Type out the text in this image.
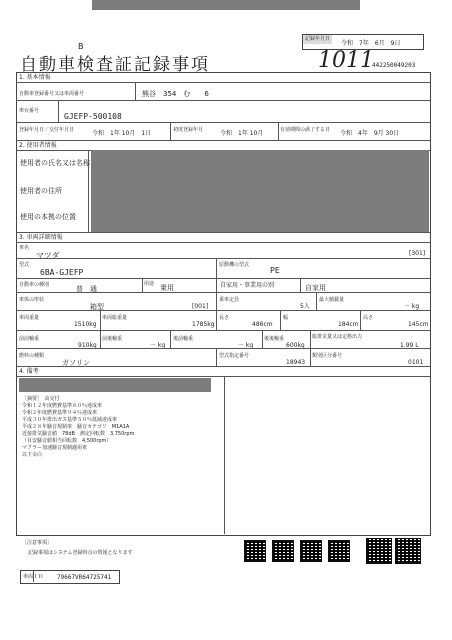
B
自動車検査証記録事項
記録年月日
令和　7年　6月　9日
1011
442250049203
1. 基本情報
自動車登録番号又は車両番号	熊谷　354　む　　6
車台番号
GJEFP-500108
登録年月日／交付年月日	令和　1年 10月　1日	初度登録年月	令和　1年 10月	有効期間の満了する日 令和　4年　9月 30日
2. 使用者情報
使用者の氏名又は名称
使用者の住所
使用の本拠の位置
3. 車両詳細情報
車名
マツダ	[301]
型式
6BA-GJEFP
原動機の型式
PE
自動車の種別	普　通
用途 乗用	自家用・事業用の別	自家用
車体の形状
箱型	[001]
乗車定員
5人
最大積載量
－ kg
車両重量
1510kg
車両総重量
1785kg
長さ
486cm
幅
184cm
高さ
145cm
前前軸重
910kg
前後軸重
－ kg
後前軸重
－ kg
後後軸重
600kg
総排気量又は定格出力
1.99 L
燃料の種類
ガソリン
型式指定番号
18943
類別区分番号
0101
4. 備考
［摘要］　高交付
令和１２年度燃費基準８０％達成車
令和２年度燃費基準９４％達成車
平成３０年排出ガス基準５０％低減達成車
平成２８年騒音規制車　騒音カテゴリ　M1A1A
近接排気騒音値　78dB　測定回転数　3,750rpm
（目安騒音値相当回転数　4,500rpm）
マフラー加速騒音規制適用車
以下余白
［注意事項］
記録事項はシステム登録時点の情報となります
車両ＩＤ 79667VR64725741
